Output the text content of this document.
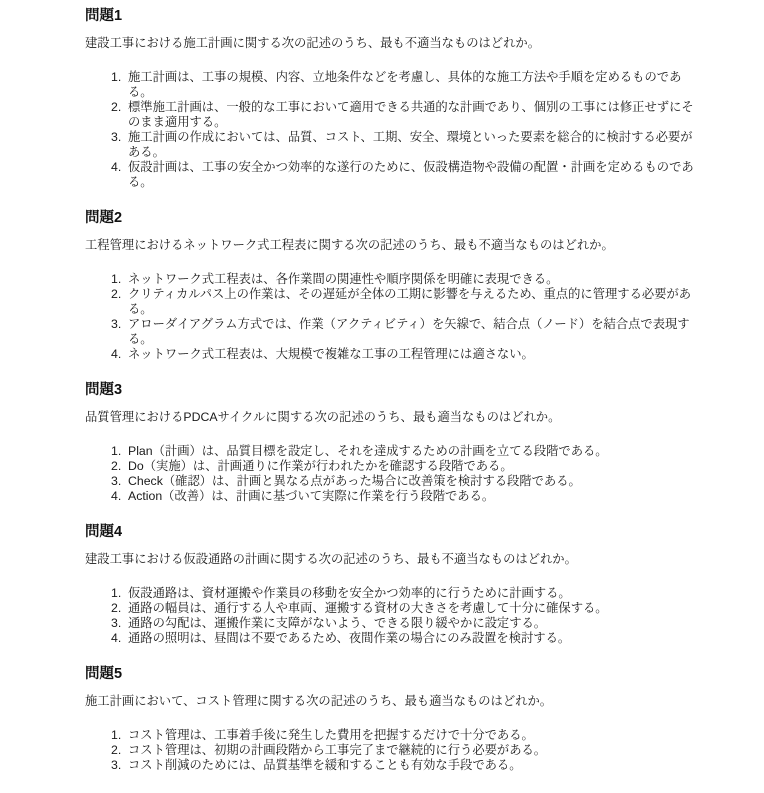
問題1

建設工事における施工計画に関する次の記述のうち、最も不適当なものはどれか。

1. 施工計画は、工事の規模、内容、立地条件などを考慮し、具体的な施工方法や手順を定めるものである。
2. 標準施工計画は、一般的な工事において適用できる共通的な計画であり、個別の工事には修正せずにそのまま適用する。
3. 施工計画の作成においては、品質、コスト、工期、安全、環境といった要素を総合的に検討する必要がある。
4. 仮設計画は、工事の安全かつ効率的な遂行のために、仮設構造物や設備の配置・計画を定めるものである。
問題2

工程管理におけるネットワーク式工程表に関する次の記述のうち、最も不適当なものはどれか。

1. ネットワーク式工程表は、各作業間の関連性や順序関係を明確に表現できる。
2. クリティカルパス上の作業は、その遅延が全体の工期に影響を与えるため、重点的に管理する必要がある。
3. アローダイアグラム方式では、作業（アクティビティ）を矢線で、結合点（ノード）を結合点で表現する。
4. ネットワーク式工程表は、大規模で複雑な工事の工程管理には適さない。
問題3

品質管理におけるPDCAサイクルに関する次の記述のうち、最も適当なものはどれか。

1. Plan（計画）は、品質目標を設定し、それを達成するための計画を立てる段階である。
2. Do（実施）は、計画通りに作業が行われたかを確認する段階である。
3. Check（確認）は、計画と異なる点があった場合に改善策を検討する段階である。
4. Action（改善）は、計画に基づいて実際に作業を行う段階である。
問題4

建設工事における仮設通路の計画に関する次の記述のうち、最も不適当なものはどれか。

1. 仮設通路は、資材運搬や作業員の移動を安全かつ効率的に行うために計画する。
2. 通路の幅員は、通行する人や車両、運搬する資材の大きさを考慮して十分に確保する。
3. 通路の勾配は、運搬作業に支障がないよう、できる限り緩やかに設定する。
4. 通路の照明は、昼間は不要であるため、夜間作業の場合にのみ設置を検討する。
問題5

施工計画において、コスト管理に関する次の記述のうち、最も適当なものはどれか。

1. コスト管理は、工事着手後に発生した費用を把握するだけで十分である。
2. コスト管理は、初期の計画段階から工事完了まで継続的に行う必要がある。
3. コスト削減のためには、品質基準を緩和することも有効な手段である。
